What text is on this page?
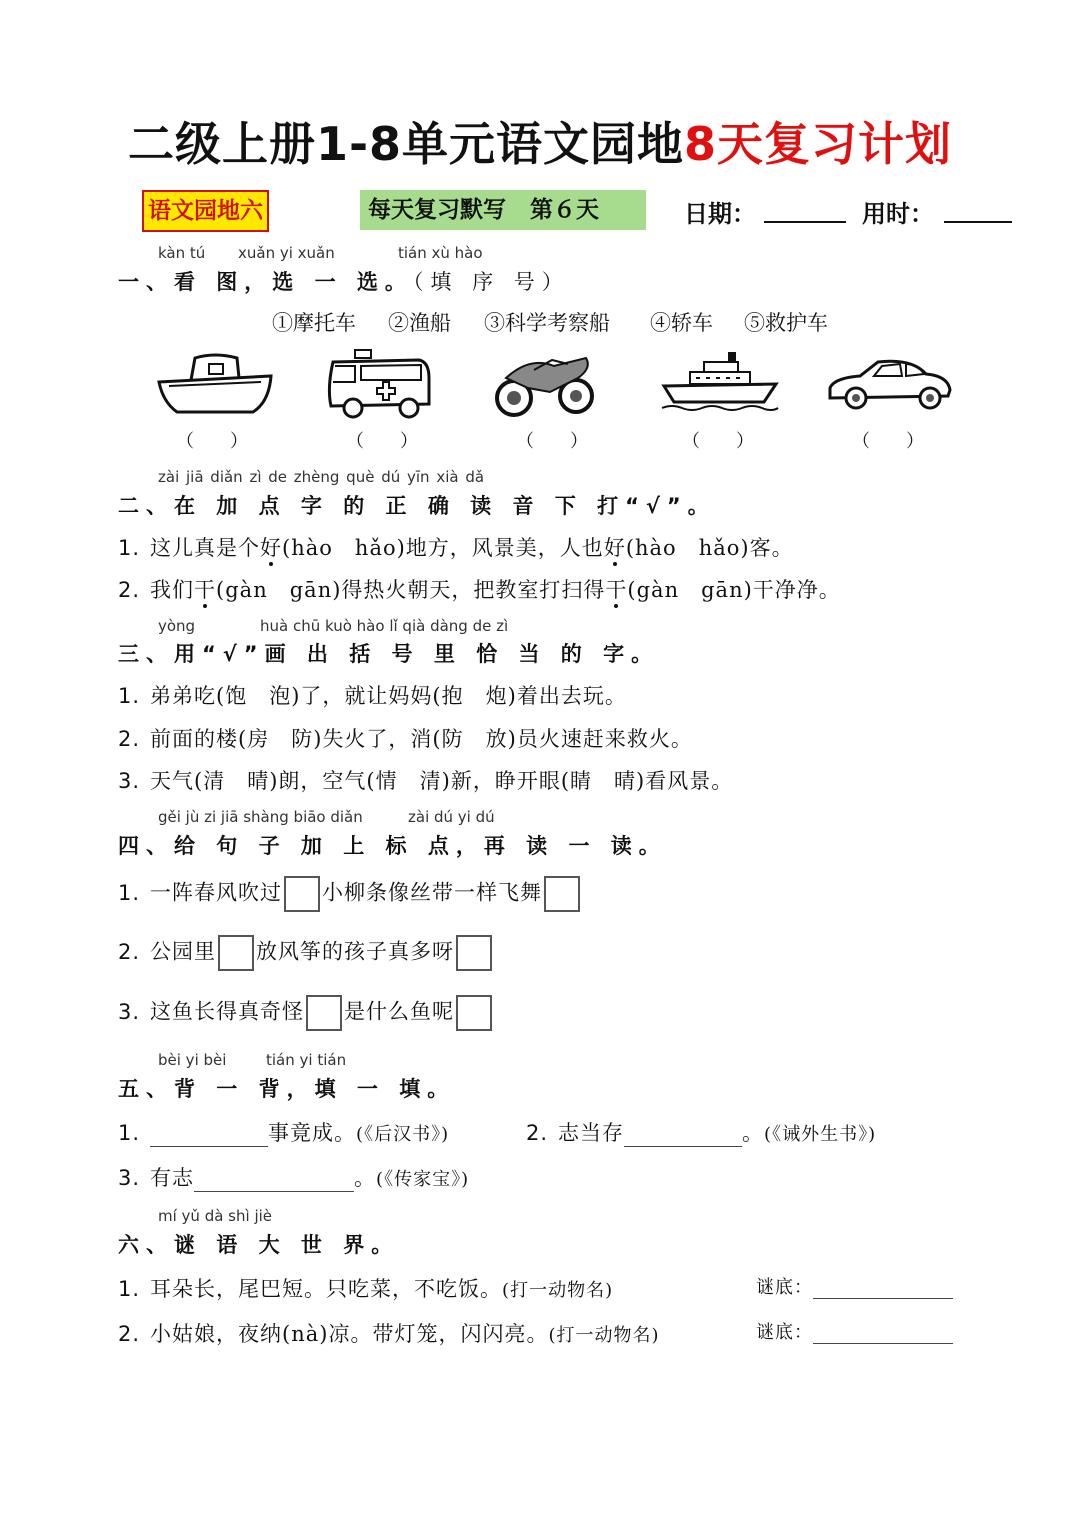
二级上册1-8单元语文园地8天复习计划
语文园地六	每天复习默写 第６天	日期：	用时：
kàn tú xuǎn yi xuǎn	tián xù hào
一、看 图，选 一 选。（填 序 号）
①摩托车 ②渔船 ③科学考察船 ④轿车 ⑤救护车
（　　）	（　　）	（　　）	（　　）	（　　）
zài jiā diǎn zì de zhèng què dú yīn xià dǎ
二、在 加 点 字 的 正 确 读 音 下 打“√”。
1. 这儿真是个好(hào　hǎo)地方，风景美，人也好(hào　hǎo)客。
2. 我们干(gàn　gān)得热火朝天，把教室打扫得干(gàn　gān)干净净。
yòng	huà chū kuò hào lǐ qià dàng de zì
三、用“√”画 出 括 号 里 恰 当 的 字。
1. 弟弟吃(饱　泡)了，就让妈妈(抱　炮)着出去玩。
2. 前面的楼(房　防)失火了，消(防　放)员火速赶来救火。
3. 天气(清　晴)朗，空气(情　清)新，睁开眼(睛　晴)看风景。
gěi jù zi jiā shàng biāo diǎn	zài dú yi dú
四、给 句 子 加 上 标 点，再 读 一 读。
1. 一阵春风吹过 小柳条像丝带一样飞舞
2. 公园里 放风筝的孩子真多呀
3. 这鱼长得真奇怪 是什么鱼呢
bèi yi bèi	tián yi tián
五、背 一 背，填 一 填。
1.	事竟成。(《后汉书》)	2. 志当存	。(《诫外生书》)
3. 有志	。(《传家宝》)
mí yǔ dà shì jiè
六、谜 语 大 世 界。
1. 耳朵长，尾巴短。只吃菜，不吃饭。(打一动物名)	谜底：
2. 小姑娘，夜纳(nà)凉。带灯笼，闪闪亮。(打一动物名)	谜底：
